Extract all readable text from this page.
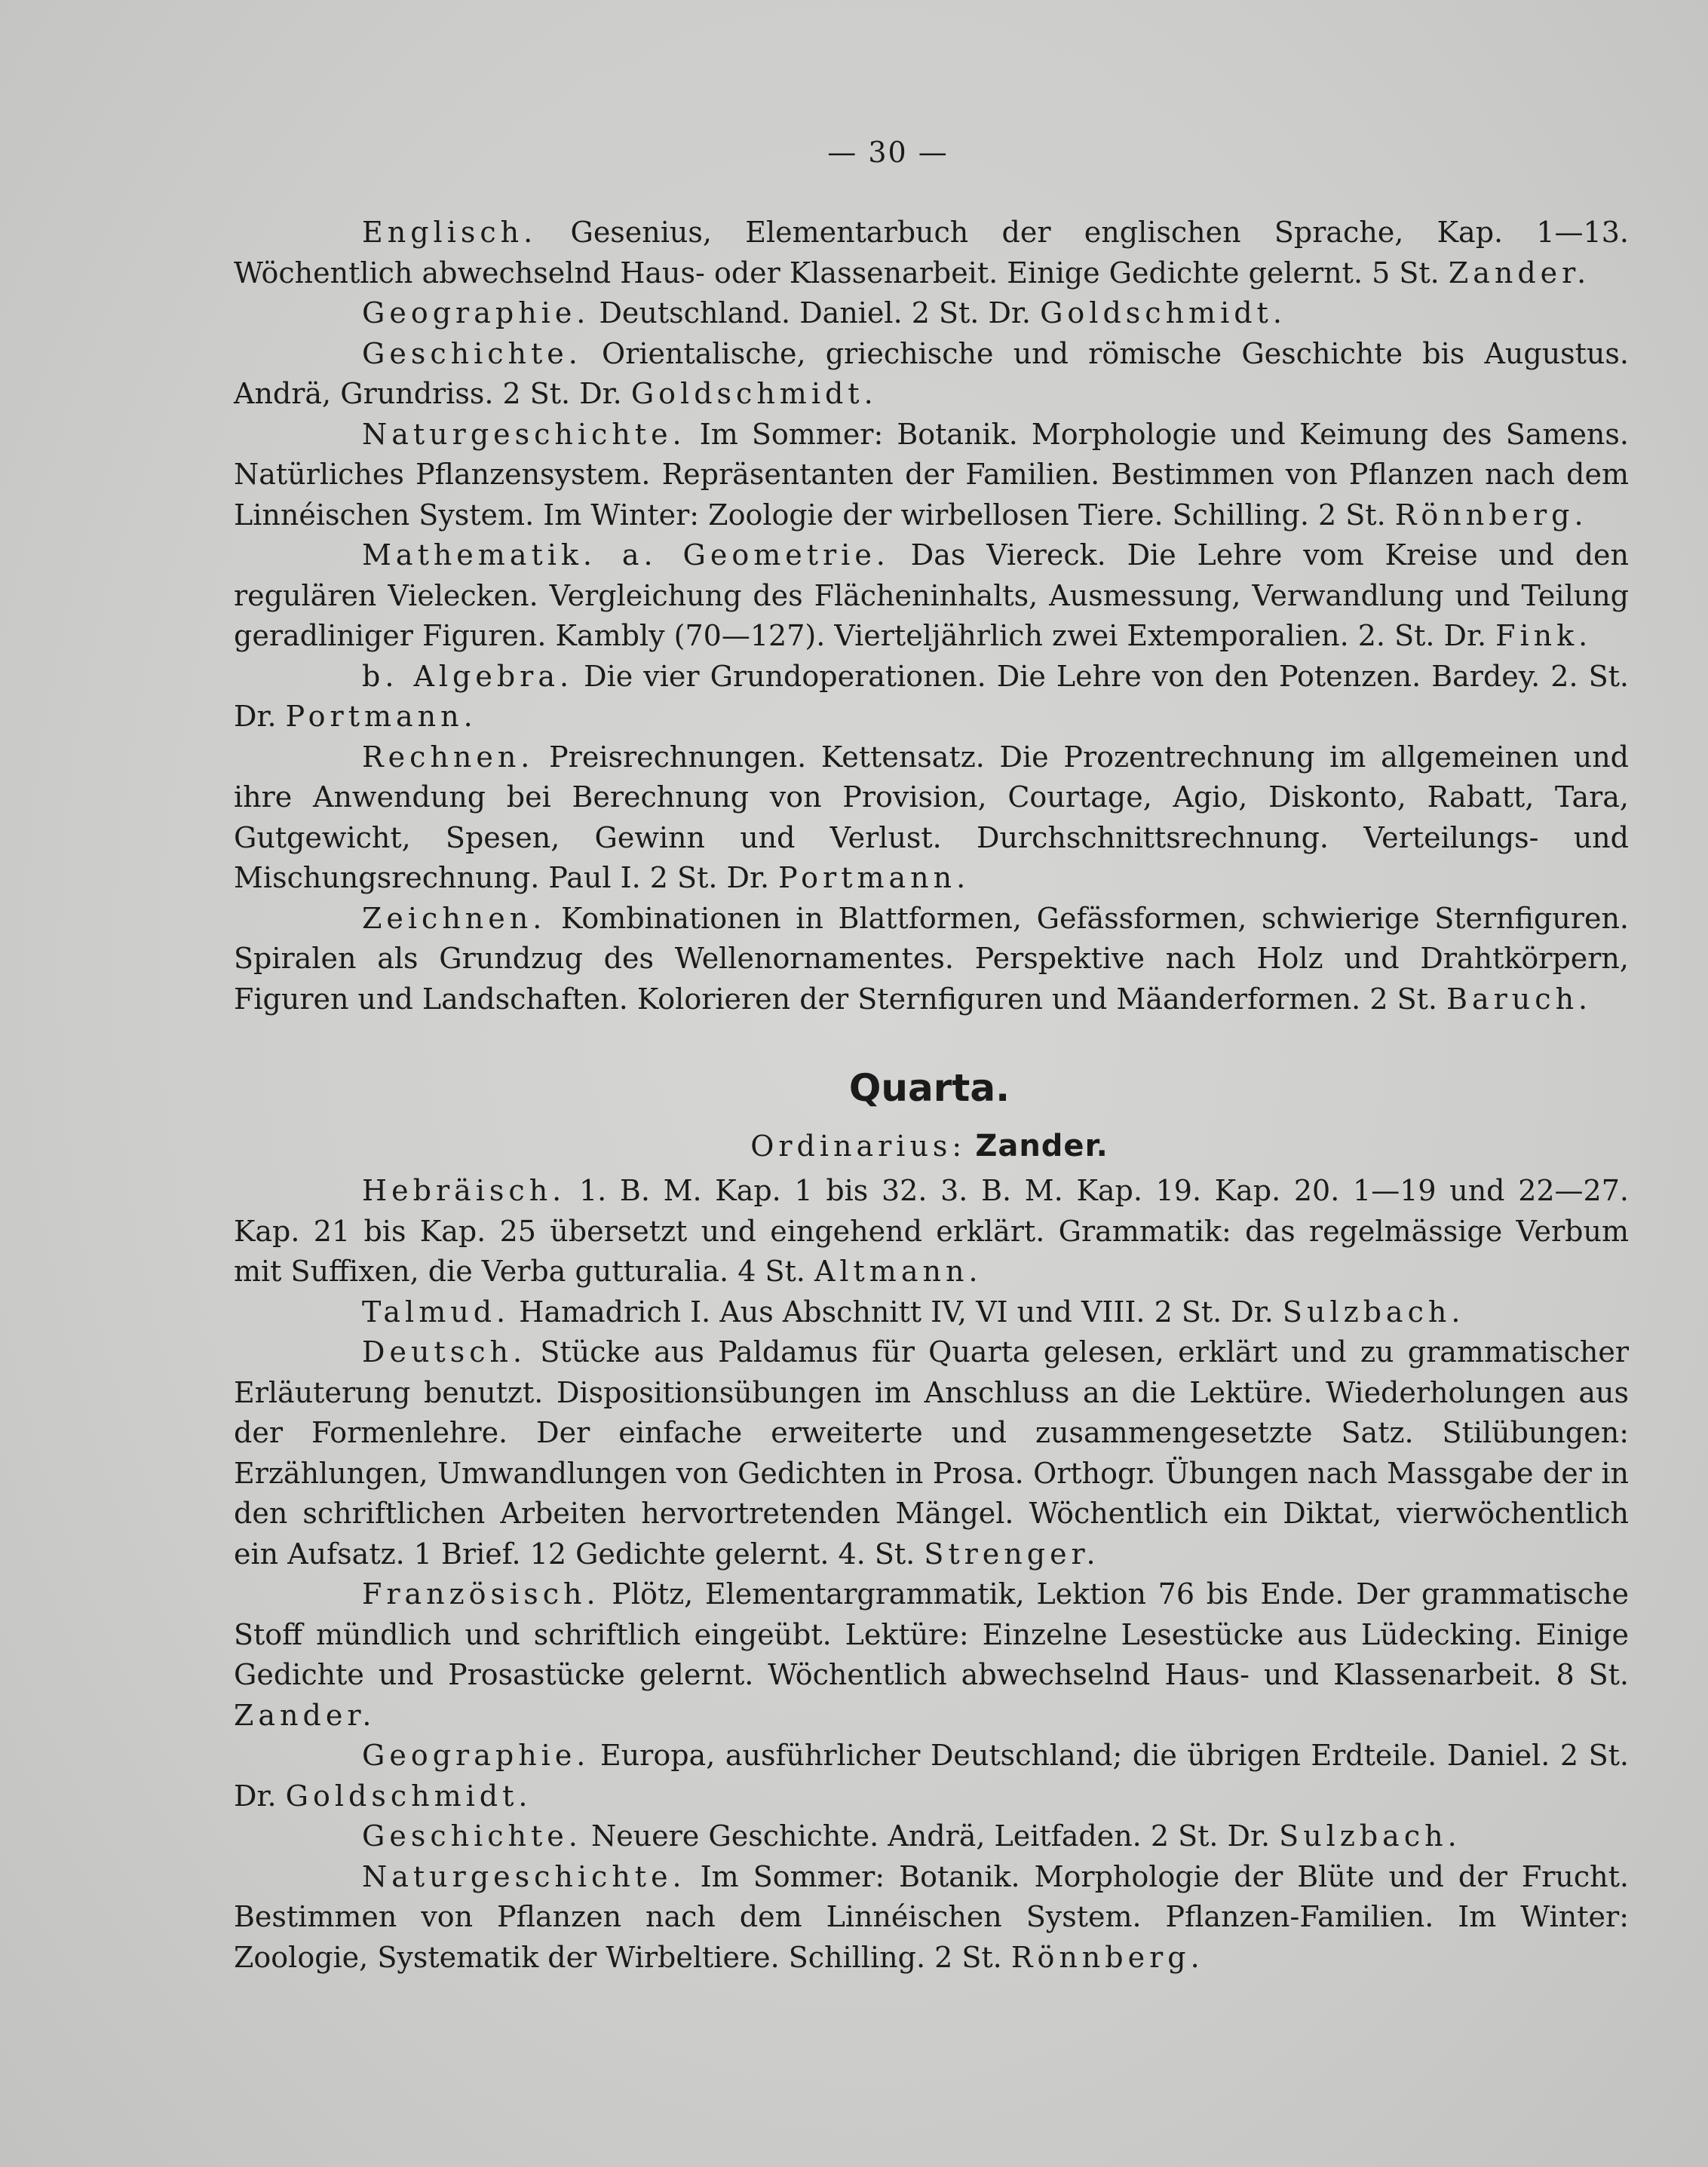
— 30 —

Englisch. Gesenius, Elementarbuch der englischen Sprache, Kap. 1—13. Wöchentlich abwechselnd Haus- oder Klassenarbeit. Einige Gedichte gelernt. 5 St. Zander.

Geographie. Deutschland. Daniel. 2 St. Dr. Goldschmidt.

Geschichte. Orientalische, griechische und römische Geschichte bis Augustus. Andrä, Grundriss. 2 St. Dr. Goldschmidt.

Naturgeschichte. Im Sommer: Botanik. Morphologie und Keimung des Samens. Natürliches Pflanzensystem. Repräsentanten der Familien. Bestimmen von Pflanzen nach dem Linnéischen System. Im Winter: Zoologie der wirbellosen Tiere. Schilling. 2 St. Rönnberg.

Mathematik. a. Geometrie. Das Viereck. Die Lehre vom Kreise und den regulären Vielecken. Vergleichung des Flächeninhalts, Ausmessung, Verwandlung und Teilung geradliniger Figuren. Kambly (70—127). Vierteljährlich zwei Extemporalien. 2. St. Dr. Fink.

b. Algebra. Die vier Grundoperationen. Die Lehre von den Potenzen. Bardey. 2. St. Dr. Portmann.

Rechnen. Preisrechnungen. Kettensatz. Die Prozentrechnung im allgemeinen und ihre Anwendung bei Berechnung von Provision, Courtage, Agio, Diskonto, Rabatt, Tara, Gutgewicht, Spesen, Gewinn und Verlust. Durchschnittsrechnung. Verteilungs- und Mischungsrechnung. Paul I. 2 St. Dr. Portmann.

Zeichnen. Kombinationen in Blattformen, Gefässformen, schwierige Sternfiguren. Spiralen als Grundzug des Wellenornamentes. Perspektive nach Holz und Drahtkörpern, Figuren und Landschaften. Kolorieren der Sternfiguren und Mäanderformen. 2 St. Baruch.

Quarta.
Ordinarius: Zander.

Hebräisch. 1. B. M. Kap. 1 bis 32. 3. B. M. Kap. 19. Kap. 20. 1—19 und 22—27. Kap. 21 bis Kap. 25 übersetzt und eingehend erklärt. Grammatik: das regelmässige Verbum mit Suffixen, die Verba gutturalia. 4 St. Altmann.

Talmud. Hamadrich I. Aus Abschnitt IV, VI und VIII. 2 St. Dr. Sulzbach.

Deutsch. Stücke aus Paldamus für Quarta gelesen, erklärt und zu grammatischer Erläuterung benutzt. Dispositionsübungen im Anschluss an die Lektüre. Wiederholungen aus der Formenlehre. Der einfache erweiterte und zusammengesetzte Satz. Stilübungen: Erzählungen, Umwandlungen von Gedichten in Prosa. Orthogr. Übungen nach Massgabe der in den schriftlichen Arbeiten hervortretenden Mängel. Wöchentlich ein Diktat, vierwöchentlich ein Aufsatz. 1 Brief. 12 Gedichte gelernt. 4. St. Strenger.

Französisch. Plötz, Elementargrammatik, Lektion 76 bis Ende. Der grammatische Stoff mündlich und schriftlich eingeübt. Lektüre: Einzelne Lesestücke aus Lüdecking. Einige Gedichte und Prosastücke gelernt. Wöchentlich abwechselnd Haus- und Klassenarbeit. 8 St. Zander.

Geographie. Europa, ausführlicher Deutschland; die übrigen Erdteile. Daniel. 2 St. Dr. Goldschmidt.

Geschichte. Neuere Geschichte. Andrä, Leitfaden. 2 St. Dr. Sulzbach.

Naturgeschichte. Im Sommer: Botanik. Morphologie der Blüte und der Frucht. Bestimmen von Pflanzen nach dem Linnéischen System. Pflanzen-Familien. Im Winter: Zoologie, Systematik der Wirbeltiere. Schilling. 2 St. Rönnberg.
